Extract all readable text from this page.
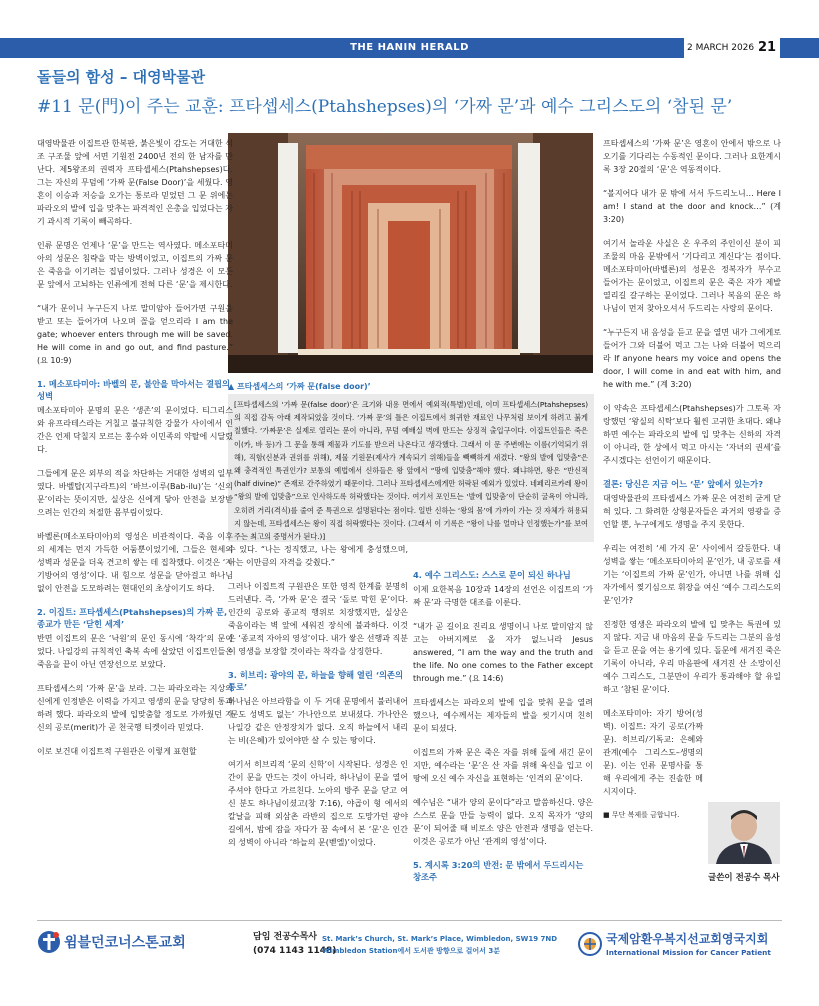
THE HANIN HERALD	2 MARCH 2026 21
돌들의 함성 – 대영박물관
#11 문(門)이 주는 교훈: 프타셉세스(Ptahshepses)의 ‘가짜 문’과 예수 그리스도의 ‘참된 문’
▲ 프타셉세스의 ‘가짜 문(false door)’
[프타셉세스의 ‘가짜 문(false door)’은 크기와 내용 면에서 예외적(특별)인데, 이미 프타셉세스(Ptahshepses)의 직접 감독 아래 제작되었을 것이다. ‘가짜 문’의 틀은 이집트에서 희귀한 재료인 나무처럼 보이게 하려고 붉게 칠했다. ‘가짜문’은 실제로 열리는 문이 아니라, 무덤 예배실 벽에 만드는 상징적 출입구이다. 이집트인들은 죽은 이(카, 바 등)가 그 문을 통해 제물과 기도를 받으러 나온다고 생각했다. 그래서 이 문 주변에는 이름(기억되기 위해), 직함(신분과 권위를 위해), 제물 기원문(제사가 계속되기 위해)들을 빽빽하게 새겼다. “왕의 발에 입맞춤”은 왜 충격적인 특권인가? 보통의 예법에서 신하들은 왕 앞에서 “땅에 입맞춤”해야 했다. 왜냐하면, 왕은 “반신적(half divine)” 존재로 간주하였기 때문이다. 그러나 프타셉세스에게만 허락된 예외가 있었다. 네페리르카레 왕이 “왕의 발에 입맞춤”으로 인사하도록 허락했다는 것이다. 여기서 포인트는 ‘발에 입맞춤’이 단순히 굴욕이 아니라, 오히려 거리(격식)를 줄여 준 특권으로 설명된다는 점이다. 일반 신하는 ‘왕의 몸’에 가까이 가는 것 자체가 허용되지 않는데, 프타셉세스는 왕이 직접 허락했다는 것이다. (그래서 이 기록은 “왕이 나를 얼마나 인정했는가”를 보여 주는 최고의 증명서가 된다.)]

대영박물관 이집트관 한복판, 붉은빛이 감도는 거대한 석조 구조물 앞에 서면 기원전 2400년 전의 한 남자를 만난다. 제5왕조의 권력자 프타셉세스(Ptahshepses)다. 그는 자신의 무덤에 ‘가짜 문(False Door)’을 세웠다. 영혼이 이승과 저승을 오가는 통로라 믿었던 그 문 위에는 파라오의 발에 입을 맞추는 파격적인 은총을 입었다는 자기 과시적 기록이 빼곡하다.

인류 문명은 언제나 ‘문’을 만드는 역사였다. 메소포타미아의 성문은 침략을 막는 방벽이었고, 이집트의 가짜 문은 죽음을 이기려는 집념이었다. 그러나 성경은 이 모든 문 앞에서 고뇌하는 인류에게 전혀 다른 ‘문’을 제시한다.

“내가 문이니 누구든지 나로 말미암아 들어가면 구원을 받고 또는 들어가며 나오며 꼴을 얻으리라 I am the gate; whoever enters through me will be saved. He will come in and go out, and find pasture.” (요 10:9)

1. 메소포타미아: 바벨의 문, 불안을 막아서는 결핍의 성벽

메소포타미아 문명의 문은 ‘생존’의 문이었다. 티그리스와 유프라테스라는 거칠고 불규칙한 강물가 사이에서 인간은 언제 닥칠지 모르는 홍수와 이민족의 약탈에 시달렸다.

그들에게 문은 외부의 적을 차단하는 거대한 성벽의 일부였다. 바벨탑(지구라트)의 ‘바브-이루(Bab-ilu)’는 ‘신의 문’이라는 뜻이지만, 실상은 신에게 닿아 안전을 보장받으려는 인간의 처절한 몸부림이었다.

바벨론(메소포타미아)의 영성은 비관적이다. 죽음 이후의 세계는 먼지 가득한 어둠뿐이었기에, 그들은 현세의 성벽과 성문을 더욱 견고히 쌓는 데 집착했다. 이것은 ‘자기방어의 영성’이다. 내 힘으로 성문을 닫아걸고 하나님 없이 안전을 도모하려는 현대인의 초상이기도 하다.

2. 이집트: 프타셉세스(Ptahshepses)의 가짜 문, 종교가 만든 ‘닫힌 세계’

반면 이집트의 문은 ‘낙원’의 문인 동시에 ‘착각’의 문이었다. 나일강의 규칙적인 축복 속에 살았던 이집트인들은 죽음을 끝이 아닌 연장선으로 보았다.

프타셉세스의 ‘가짜 문’을 보라. 그는 파라오라는 지상의 신에게 인정받은 이력을 가지고 영생의 문을 당당히 통과하려 했다. 파라오의 발에 입맞춤할 정도로 가까웠던 자신의 공로(merit)가 곧 천국행 티켓이라 믿었다.

이로 보건대 이집트적 구원관은 이렇게 표현할

수 있다. “나는 정직했고, 나는 왕에게 충성했으며, 나는 이만큼의 자격을 갖췄다.”

그러나 이집트적 구원관은 또한 영적 한계를 분명히 드러낸다. 즉, ‘가짜 문’은 결국 ‘돌로 막힌 문’이다. 인간의 공로와 종교적 행위로 치장했지만, 실상은 죽음이라는 벽 앞에 세워진 장식에 불과하다. 이것은 ‘종교적 자아의 영성’이다. 내가 쌓은 선행과 직분이 영생을 보장할 것이라는 착각을 상징한다.

3. 히브리: 광야의 문, 하늘을 향해 열린 ‘의존의 통로’

하나님은 아브라함을 이 두 거대 문명에서 불러내어 ‘문도 성벽도 없는’ 가나안으로 보내셨다. 가나안은 나일강 같은 안정장치가 없다. 오직 하늘에서 내리는 비(은혜)가 있어야만 살 수 있는 땅이다.

여기서 히브리적 ‘문의 신학’이 시작된다. 성경은 인간이 문을 만드는 것이 아니라, 하나님이 문을 열어주셔야 한다고 가르친다. 노아의 방주 문을 닫고 여신 분도 하나님이셨고(창 7:16), 야곱이 형 에서의 칼날을 피해 외삼촌 라반의 집으로 도망가던 광야 길에서, 밤에 잠을 자다가 꿈 속에서 본 ‘문’은 인간의 성벽이 아니라 ‘하늘의 문(벧엘)’이었다.

4. 예수 그리스도: 스스로 문이 되신 하나님

이제 요한복음 10장과 14장의 선언은 이집트의 ‘가짜 문’과 극명한 대조를 이룬다.

“내가 곧 길이요 진리요 생명이니 나로 말미암지 않고는 아버지께로 올 자가 없느니라 Jesus answered, “I am the way and the truth and the life. No one comes to the Father except through me.” (요 14:6)

프타셉세스는 파라오의 발에 입을 맞춰 문을 열려 했으나, 예수께서는 제자들의 발을 씻기시며 친히 문이 되셨다.

이집트의 가짜 문은 죽은 자를 위해 돌에 새긴 문이지만, 예수라는 ‘문’은 산 자를 위해 육신을 입고 이 땅에 오신 예수 자신을 표현하는 ‘인격의 문’이다.

예수님은 “내가 양의 문이다”라고 말씀하신다. 양은 스스로 문을 만들 능력이 없다. 오직 목자가 ‘양의 문’이 되어줄 때 비로소 양은 안전과 생명을 얻는다. 이것은 공로가 아닌 ‘관계의 영성’이다.

5. 계시록 3:20의 반전: 문 밖에서 두드리시는 창조주

프타셉세스의 ‘가짜 문’은 영혼이 안에서 밖으로 나오기를 기다리는 수동적인 문이다. 그러나 요한계시록 3장 20절의 ‘문’은 역동적이다.

“볼지어다 내가 문 밖에 서서 두드리노니… Here I am! I stand at the door and knock…” (계 3:20)

여기서 놀라운 사실은 온 우주의 주인이신 분이 피조물의 마음 문밖에서 ‘기다리고 계신다’는 점이다. 메소포타미아(바벨론)의 성문은 정복자가 부수고 들어가는 문이었고, 이집트의 문은 죽은 자가 제발 열리길 갈구하는 문이었다. 그러나 복음의 문은 하나님이 먼저 찾아오셔서 두드리는 사랑의 문이다.

“누구든지 내 음성을 듣고 문을 열면 내가 그에게로 들어가 그와 더불어 먹고 그는 나와 더불어 먹으리라 If anyone hears my voice and opens the door, I will come in and eat with him, and he with me.” (계 3:20)

이 약속은 프타셉세스(Ptahshepses)가 그토록 자랑했던 ‘왕실의 식탁’보다 훨씬 고귀한 초대다. 왜냐하면 예수는 파라오의 발에 입 맞추는 신하의 자격이 아니라, 한 상에서 먹고 마시는 ‘자녀의 권세’를 주시겠다는 선언이기 때문이다.

결론: 당신은 지금 어느 ‘문’ 앞에서 있는가?

대영박물관의 프타셉세스 가짜 문은 여전히 굳게 닫혀 있다. 그 화려한 상형문자들은 과거의 영광을 증언할 뿐, 누구에게도 생명을 주지 못한다.

우리는 여전히 ‘세 가지 문’ 사이에서 갈등한다. 내 성벽을 쌓는 ‘메소포타미아의 문’인가, 내 공로를 새기는 ‘이집트의 가짜 문’인가, 아니면 나를 위해 십자가에서 찢기심으로 휘장을 여신 ‘예수 그리스도의 문’인가?

진정한 영생은 파라오의 발에 입 맞추는 특권에 있지 않다. 지금 내 마음의 문을 두드리는 그분의 음성을 듣고 문을 여는 용기에 있다. 돌문에 새겨진 죽은 기록이 아니라, 우리 마음판에 새겨진 산 소망이신 예수 그리스도, 그분만이 우리가 통과해야 할 유일하고 ‘참된 문’이다.

메소포타미아: 자기 방어(성벽). 이집트: 자기 공로(가짜 문). 히브리/기독교: 은혜와 관계(예수 그리스도–생명의 문). 이는 인류 문명사를 통해 우리에게 주는 진솔한 메시지이다.

■ 무단 복제를 금합니다.

글쓴이 전공수 목사
윔블던코너스톤교회	담임 전공수목사
(074 1143 1148)
St. Mark’s Church, St. Mark’s Place, Wimbledon, SW19 7ND
Wimbledon Station에서 도서관 방향으로 걸어서 3분
국제암환우복지선교회영국지회
International Mission for Cancer Patient
